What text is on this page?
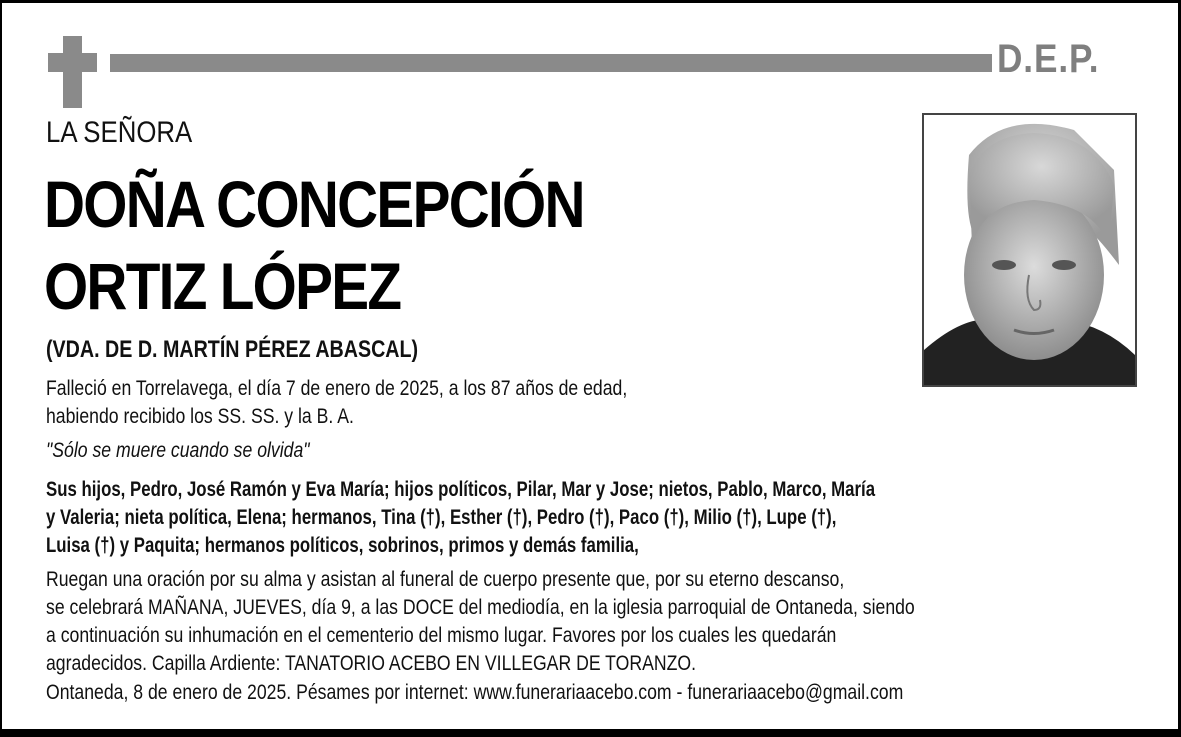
D.E.P.
LA SEÑORA
DOÑA CONCEPCIÓN
ORTIZ LÓPEZ
(VDA. DE D. MARTÍN PÉREZ ABASCAL)
Falleció en Torrelavega, el día 7 de enero de 2025, a los 87 años de edad,
habiendo recibido los SS. SS. y la B. A.
"Sólo se muere cuando se olvida"
Sus hijos, Pedro, José Ramón y Eva María; hijos políticos, Pilar, Mar y Jose; nietos, Pablo, Marco, María
y Valeria; nieta política, Elena; hermanos, Tina (†), Esther (†), Pedro (†), Paco (†), Milio (†), Lupe (†),
Luisa (†) y Paquita; hermanos políticos, sobrinos, primos y demás familia,
Ruegan una oración por su alma y asistan al funeral de cuerpo presente que, por su eterno descanso,
se celebrará MAÑANA, JUEVES, día 9, a las DOCE del mediodía, en la iglesia parroquial de Ontaneda, siendo
a continuación su inhumación en el cementerio del mismo lugar. Favores por los cuales les quedarán
agradecidos. Capilla Ardiente: TANATORIO ACEBO EN VILLEGAR DE TORANZO.
Ontaneda, 8 de enero de 2025. Pésames por internet: www.funerariaacebo.com - funerariaacebo@gmail.com
